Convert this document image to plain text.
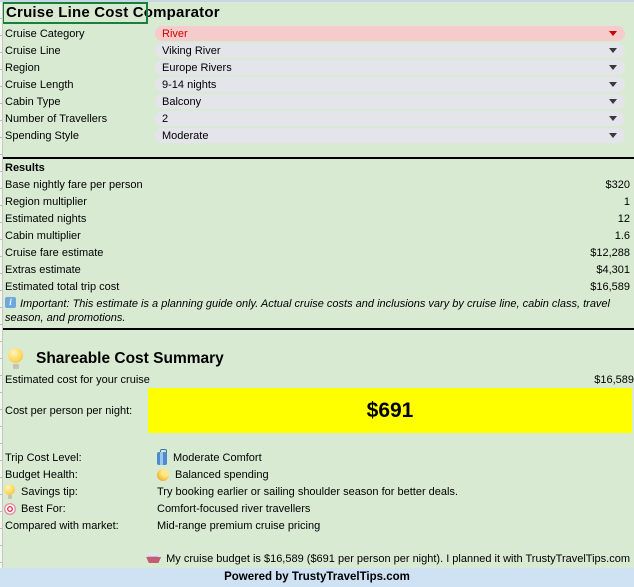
Cruise Line Cost Comparator
Cruise Category	River
Cruise Line	Viking River
Region	Europe Rivers
Cruise Length	9-14 nights
Cabin Type	Balcony
Number of Travellers	2
Spending Style	Moderate
Results
Base nightly fare per person	$320
Region multiplier	1
Estimated nights	12
Cabin multiplier	1.6
Cruise fare estimate	$12,288
Extras estimate	$4,301
Estimated total trip cost	$16,589
iImportant: This estimate is a planning guide only. Actual cruise costs and inclusions vary by cruise line, cabin class, travel season, and promotions.
Shareable Cost Summary
Estimated cost for your cruise	$16,589
Cost per person per night:	$691
Trip Cost Level:	Moderate Comfort
Budget Health:	Balanced spending
Savings tip:	Try booking earlier or sailing shoulder season for better deals.
Best For:	Comfort-focused river travellers
Compared with market:	Mid-range premium cruise pricing
My cruise budget is $16,589 ($691 per person per night). I planned it with TrustyTravelTips.com
Powered by TrustyTravelTips.com
